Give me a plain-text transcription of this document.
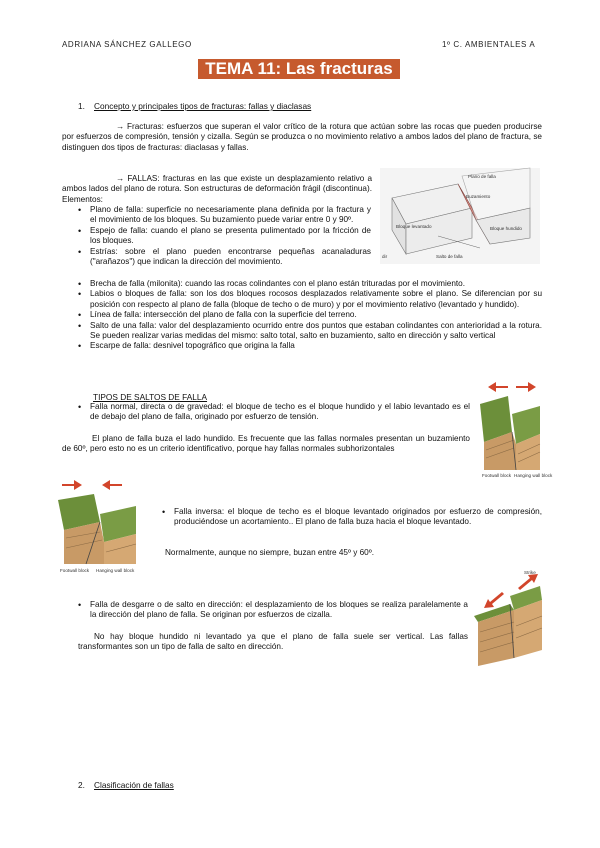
ADRIANA SÁNCHEZ GALLEGO	1º C. AMBIENTALES A
TEMA 11: Las fracturas
1. Concepto y principales tipos de fracturas: fallas y diaclasas

→ Fracturas: esfuerzos que superan el valor crítico de la rotura que actúan sobre las rocas que pueden producirse por esfuerzos de compresión, tensión y cizalla. Según se produzca o no movimiento relativo a ambos lados del plano de fractura, se distinguen dos tipos de fracturas: diaclasas y fallas.

→ FALLAS: fracturas en las que existe un desplazamiento relativo a ambos lados del plano de rotura. Son estructuras de deformación frágil (discontinua). Elementos:

• Plano de falla: superficie no necesariamente plana definida por la fractura y el movimiento de los bloques. Su buzamiento puede variar entre 0 y 90º.
• Espejo de falla: cuando el plano se presenta pulimentado por la fricción de los bloques.
• Estrías: sobre el plano pueden encontrarse pequeñas acanaladuras ("arañazos") que indican la dirección del movimiento.
• Brecha de falla (milonita): cuando las rocas colindantes con el plano están trituradas por el movimiento.
• Labios o bloques de falla: son los dos bloques rocosos desplazados relativamente sobre el plano. Se diferencian por su posición con respecto al plano de falla (bloque de techo o de muro) y por el movimiento relativo (levantado y hundido).
• Línea de falla: intersección del plano de falla con la superficie del terreno.
• Salto de una falla: valor del desplazamiento ocurrido entre dos puntos que estaban colindantes con anterioridad a la rotura. Se pueden realizar varias medidas del mismo: salto total, salto en buzamiento, salto en dirección y salto vertical
• Escarpe de falla: desnivel topográfico que origina la falla
Plano de falla
Buzamiento
Bloque levantado	Bloque hundido
Salto de falla
dir
TIPOS DE SALTOS DE FALLA
• Falla normal, directa o de gravedad: el bloque de techo es el bloque hundido y el labio levantado es el de debajo del plano de falla, originado por esfuerzo de tensión.

El plano de falla buza el lado hundido. Es frecuente que las fallas normales presentan un buzamiento de 60º, pero esto no es un criterio identificativo, porque hay fallas normales subhorizontales

Footwall block Hanging wall block
Footwall block Hanging wall block
• Falla inversa: el bloque de techo es el bloque levantado originados por esfuerzo de compresión, produciéndose un acortamiento.. El plano de falla buza hacia el bloque levantado.
Normalmente, aunque no siempre, buzan entre 45º y 60º.
Strike
• Falla de desgarre o de salto en dirección: el desplazamiento de los bloques se realiza paralelamente a la dirección del plano de falla. Se originan por esfuerzos de cizalla.

No hay bloque hundido ni levantado ya que el plano de falla suele ser vertical. Las fallas transformantes son un tipo de falla de salto en dirección.

2. Clasificación de fallas
